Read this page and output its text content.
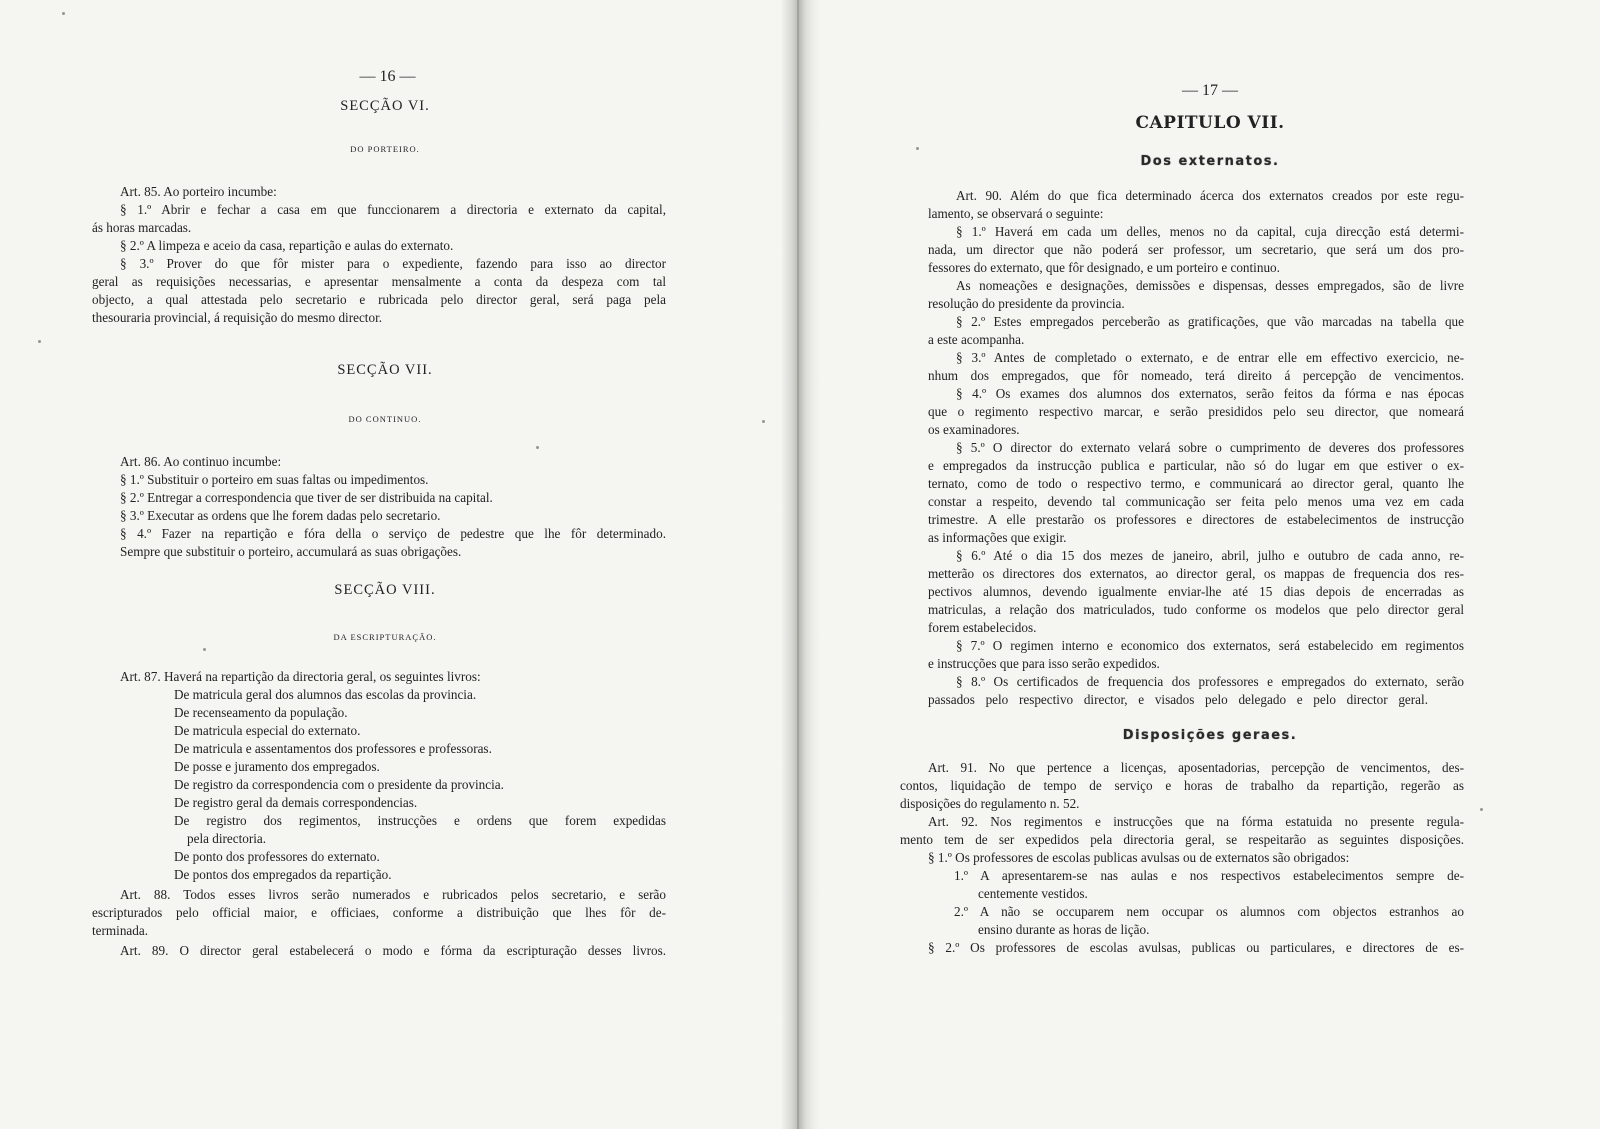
— 16 —
SECÇÃO VI.
DO PORTEIRO.
Art. 85. Ao porteiro incumbe:
§ 1.º Abrir e fechar a casa em que funccionarem a directoria e externato da capital,
ás horas marcadas.
§ 2.º A limpeza e aceio da casa, repartição e aulas do externato.
§ 3.º Prover do que fôr mister para o expediente, fazendo para isso ao director
geral as requisições necessarias, e apresentar mensalmente a conta da despeza com tal
objecto, a qual attestada pelo secretario e rubricada pelo director geral, será paga pela
thesouraria provincial, á requisição do mesmo director.
SECÇÃO VII.
DO CONTINUO.
Art. 86. Ao continuo incumbe:
§ 1.º Substituir o porteiro em suas faltas ou impedimentos.
§ 2.º Entregar a correspondencia que tiver de ser distribuida na capital.
§ 3.º Executar as ordens que lhe forem dadas pelo secretario.
§ 4.º Fazer na repartição e fóra della o serviço de pedestre que lhe fôr determinado.
Sempre que substituir o porteiro, accumulará as suas obrigações.
SECÇÃO VIII.
DA ESCRIPTURAÇÃO.
Art. 87. Haverá na repartição da directoria geral, os seguintes livros:
De matricula geral dos alumnos das escolas da provincia.
De recenseamento da população.
De matricula especial do externato.
De matricula e assentamentos dos professores e professoras.
De posse e juramento dos empregados.
De registro da correspondencia com o presidente da provincia.
De registro geral da demais correspondencias.
De registro dos regimentos, instrucções e ordens que forem expedidas
pela directoria.
De ponto dos professores do externato.
De pontos dos empregados da repartição.
Art. 88. Todos esses livros serão numerados e rubricados pelos secretario, e serão
escripturados pelo official maior, e officiaes, conforme a distribuição que lhes fôr de-
terminada.
Art. 89. O director geral estabelecerá o modo e fórma da escripturação desses livros.
— 17 —
CAPITULO VII.
Dos externatos.
Art. 90. Além do que fica determinado ácerca dos externatos creados por este regu-
lamento, se observará o seguinte:
§ 1.º Haverá em cada um delles, menos no da capital, cuja direcção está determi-
nada, um director que não poderá ser professor, um secretario, que será um dos pro-
fessores do externato, que fôr designado, e um porteiro e continuo.
As nomeações e designações, demissões e dispensas, desses empregados, são de livre
resolução do presidente da provincia.
§ 2.º Estes empregados perceberão as gratificações, que vão marcadas na tabella que
a este acompanha.
§ 3.º Antes de completado o externato, e de entrar elle em effectivo exercicio, ne-
nhum dos empregados, que fôr nomeado, terá direito á percepção de vencimentos.
§ 4.º Os exames dos alumnos dos externatos, serão feitos da fórma e nas épocas
que o regimento respectivo marcar, e serão presididos pelo seu director, que nomeará
os examinadores.
§ 5.º O director do externato velará sobre o cumprimento de deveres dos professores
e empregados da instrucção publica e particular, não só do lugar em que estiver o ex-
ternato, como de todo o respectivo termo, e communicará ao director geral, quanto lhe
constar a respeito, devendo tal communicação ser feita pelo menos uma vez em cada
trimestre. A elle prestarão os professores e directores de estabelecimentos de instrucção
as informações que exigir.
§ 6.º Até o dia 15 dos mezes de janeiro, abril, julho e outubro de cada anno, re-
metterão os directores dos externatos, ao director geral, os mappas de frequencia dos res-
pectivos alumnos, devendo igualmente enviar-lhe até 15 dias depois de encerradas as
matriculas, a relação dos matriculados, tudo conforme os modelos que pelo director geral
forem estabelecidos.
§ 7.º O regimen interno e economico dos externatos, será estabelecido em regimentos
e instrucções que para isso serão expedidos.
§ 8.º Os certificados de frequencia dos professores e empregados do externato, serão
passados pelo respectivo director, e visados pelo delegado e pelo director geral.
Disposições geraes.
Art. 91. No que pertence a licenças, aposentadorias, percepção de vencimentos, des-
contos, liquidação de tempo de serviço e horas de trabalho da repartição, regerão as
disposições do regulamento n. 52.
Art. 92. Nos regimentos e instrucções que na fórma estatuida no presente regula-
mento tem de ser expedidos pela directoria geral, se respeitarão as seguintes disposições.
§ 1.º Os professores de escolas publicas avulsas ou de externatos são obrigados:
1.º A apresentarem-se nas aulas e nos respectivos estabelecimentos sempre de-
centemente vestidos.
2.º A não se occuparem nem occupar os alumnos com objectos estranhos ao
ensino durante as horas de lição.
§ 2.º Os professores de escolas avulsas, publicas ou particulares, e directores de es-
